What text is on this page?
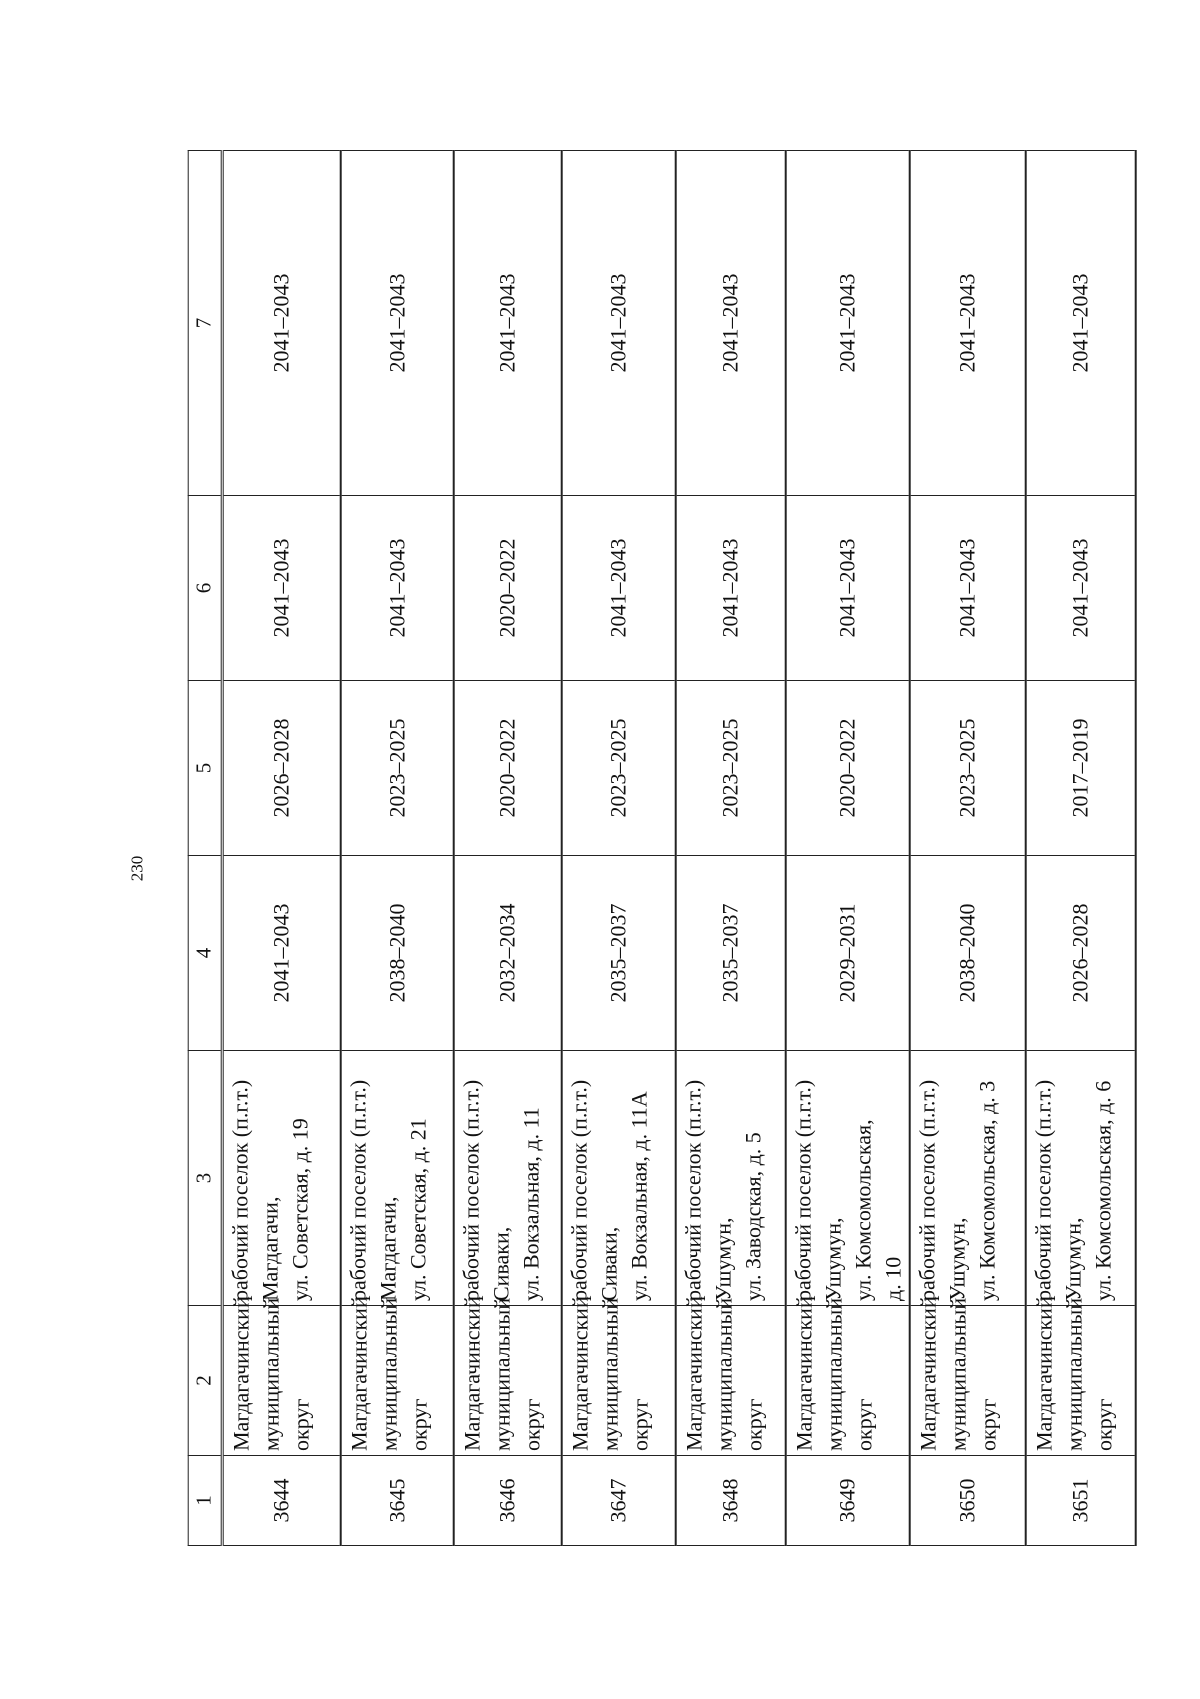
230
1	2	3	4	5	6	7
3644	Магдагачинский муниципальный округ	рабочий поселок (п.г.т.) Магдагачи, ул. Советская, д. 19	2041–2043	2026–2028	2041–2043	2041–2043
3645	Магдагачинский муниципальный округ	рабочий поселок (п.г.т.) Магдагачи, ул. Советская, д. 21	2038–2040	2023–2025	2041–2043	2041–2043
3646	Магдагачинский муниципальный округ	рабочий поселок (п.г.т.) Сиваки, ул. Вокзальная, д. 11	2032–2034	2020–2022	2020–2022	2041–2043
3647	Магдагачинский муниципальный округ	рабочий поселок (п.г.т.) Сиваки, ул. Вокзальная, д. 11А	2035–2037	2023–2025	2041–2043	2041–2043
3648	Магдагачинский муниципальный округ	рабочий поселок (п.г.т.) Ушумун, ул. Заводская, д. 5	2035–2037	2023–2025	2041–2043	2041–2043
3649	Магдагачинский муниципальный округ	рабочий поселок (п.г.т.) Ушумун, ул. Комсомольская, д. 10	2029–2031	2020–2022	2041–2043	2041–2043
3650	Магдагачинский муниципальный округ	рабочий поселок (п.г.т.) Ушумун, ул. Комсомольская, д. 3	2038–2040	2023–2025	2041–2043	2041–2043
3651	Магдагачинский муниципальный округ	рабочий поселок (п.г.т.) Ушумун, ул. Комсомольская, д. 6	2026–2028	2017–2019	2041–2043	2041–2043
